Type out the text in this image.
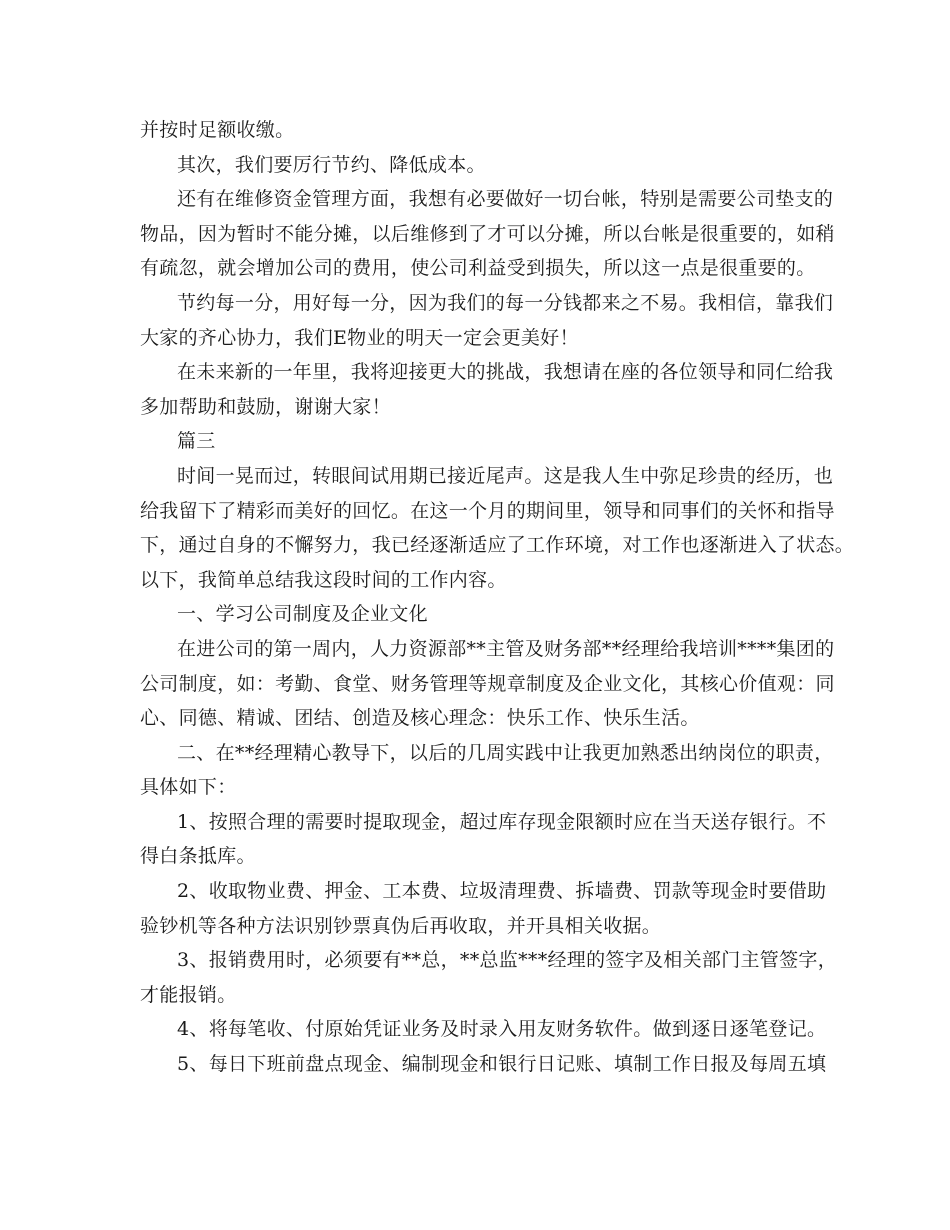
并按时足额收缴。
其次，我们要厉行节约、降低成本。
还有在维修资金管理方面，我想有必要做好一切台帐，特别是需要公司垫支的
物品，因为暂时不能分摊，以后维修到了才可以分摊，所以台帐是很重要的，如稍
有疏忽，就会增加公司的费用，使公司利益受到损失，所以这一点是很重要的。
节约每一分，用好每一分，因为我们的每一分钱都来之不易。我相信，靠我们
大家的齐心协力，我们E物业的明天一定会更美好！
在未来新的一年里，我将迎接更大的挑战，我想请在座的各位领导和同仁给我
多加帮助和鼓励，谢谢大家！
篇三
时间一晃而过，转眼间试用期已接近尾声。这是我人生中弥足珍贵的经历，也
给我留下了精彩而美好的回忆。在这一个月的期间里，领导和同事们的关怀和指导
下，通过自身的不懈努力，我已经逐渐适应了工作环境，对工作也逐渐进入了状态。
以下，我简单总结我这段时间的工作内容。
一、学习公司制度及企业文化
在进公司的第一周内，人力资源部**主管及财务部**经理给我培训****集团的
公司制度，如：考勤、食堂、财务管理等规章制度及企业文化，其核心价值观：同
心、同德、精诚、团结、创造及核心理念：快乐工作、快乐生活。
二、在**经理精心教导下，以后的几周实践中让我更加熟悉出纳岗位的职责，
具体如下：
1、按照合理的需要时提取现金，超过库存现金限额时应在当天送存银行。不
得白条抵库。
2、收取物业费、押金、工本费、垃圾清理费、拆墙费、罚款等现金时要借助
验钞机等各种方法识别钞票真伪后再收取，并开具相关收据。
3、报销费用时，必须要有**总，**总监***经理的签字及相关部门主管签字，
才能报销。
4、将每笔收、付原始凭证业务及时录入用友财务软件。做到逐日逐笔登记。
5、每日下班前盘点现金、编制现金和银行日记账、填制工作日报及每周五填
